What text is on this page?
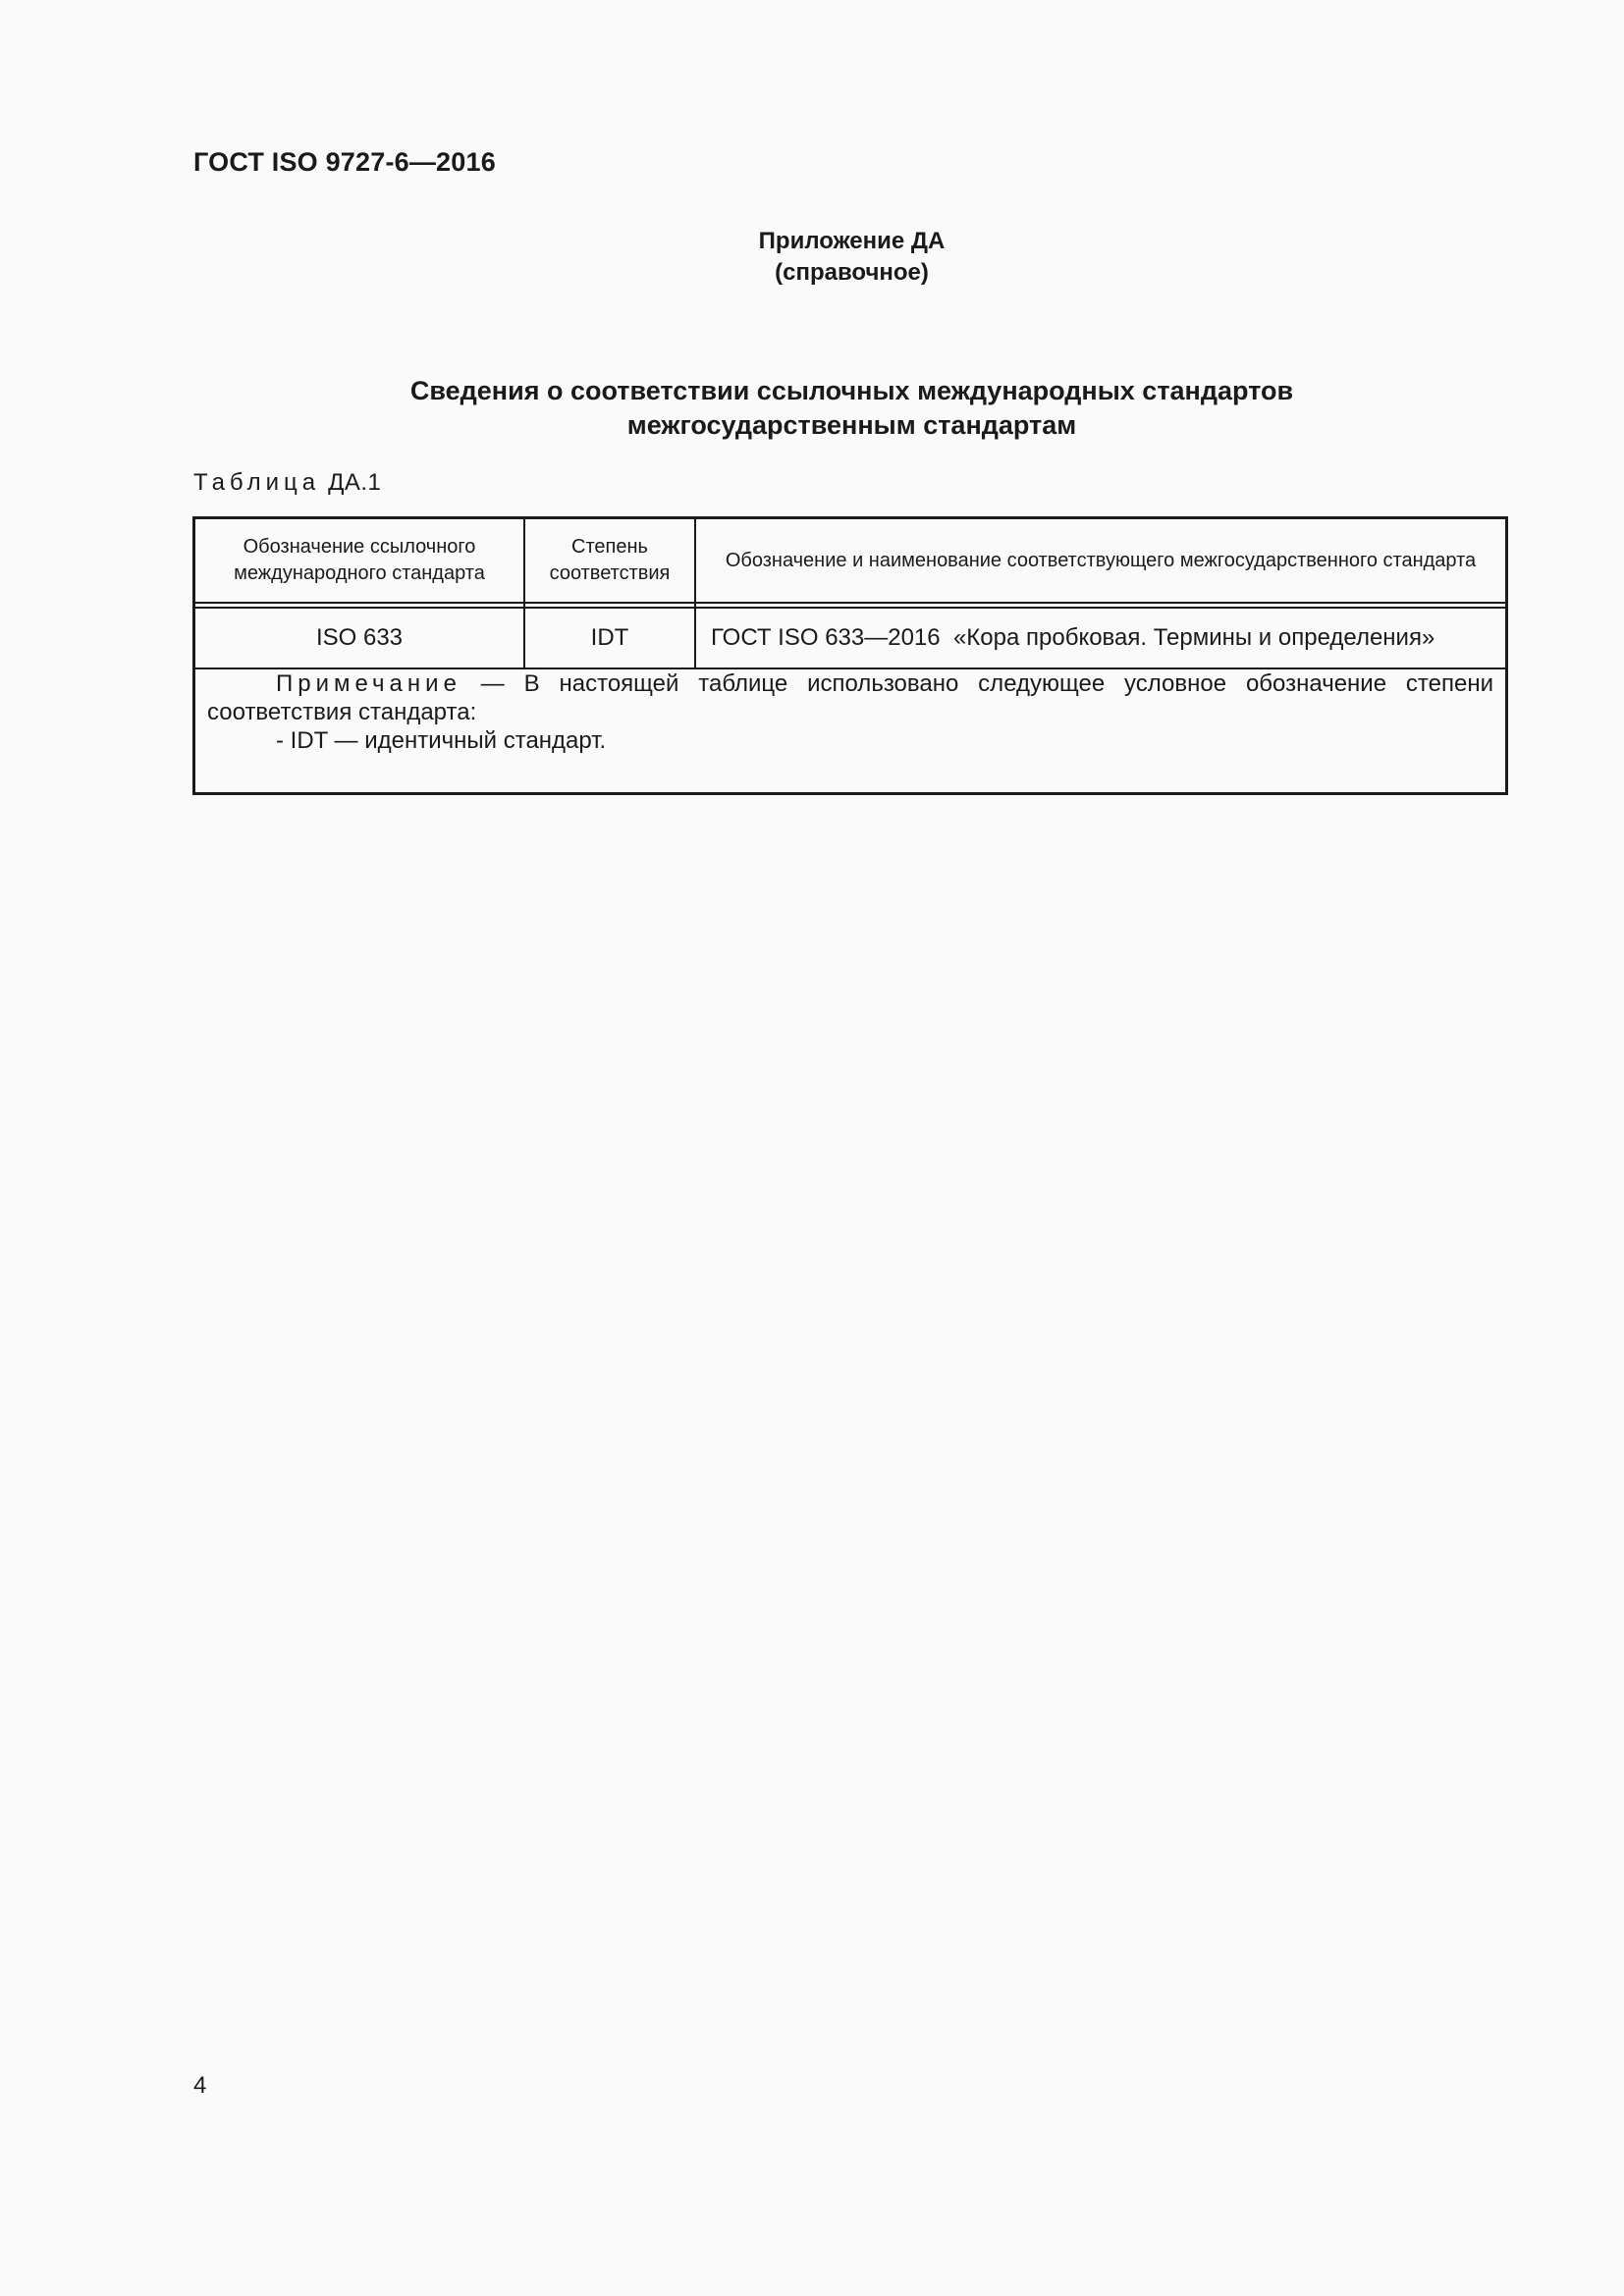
ГОСТ ISO 9727-6—2016
Приложение ДА
(справочное)
Сведения о соответствии ссылочных международных стандартов
межгосударственным стандартам
Таблица ДА.1
Обозначение ссылочного международного стандарта	Степень соответствия	Обозначение и наименование соответствующего межгосударственного стандарта

ISO 633	IDT	ГОСТ ISO 633—2016  «Кора пробковая. Термины и определения»

Примечание — В настоящей таблице использовано следующее условное обозначение степени соответствия стандарта:
- IDT — идентичный стандарт.		
4
